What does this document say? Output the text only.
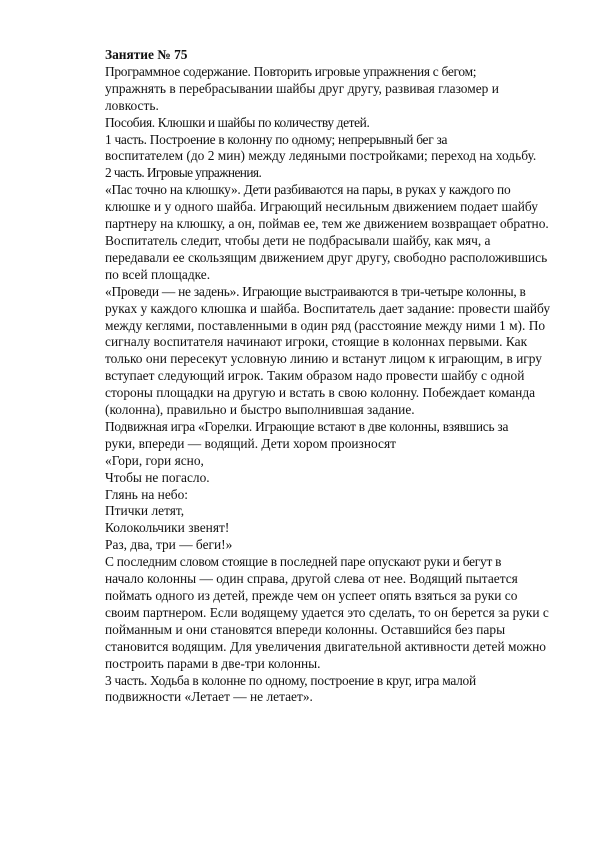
Занятие № 75

Программное содержание. Повторить игровые упражнения с бегом;
упражнять в перебрасывании шайбы друг другу, развивая глазомер и
ловкость.

Пособия. Клюшки и шайбы по количеству детей.

1 часть. Построение в колонну по одному; непрерывный бег за
воспитателем (до 2 мин) между ледяными постройками; переход на ходьбу.

2 часть. Игровые упражнения.

«Пас точно на клюшку». Дети разбиваются на пары, в руках у каждого по
клюшке и у одного шайба. Играющий несильным движением подает шайбу
партнеру на клюшку, а он, поймав ее, тем же движением возвращает обратно.
Воспитатель следит, чтобы дети не подбрасывали шайбу, как мяч, а
передавали ее скользящим движением друг другу, свободно расположившись
по всей площадке.

«Проведи — не задень». Играющие выстраиваются в три-четыре колонны, в
руках у каждого клюшка и шайба. Воспитатель дает задание: провести шайбу
между кеглями, поставленными в один ряд (расстояние между ними 1 м). По
сигналу воспитателя начинают игроки, стоящие в колоннах первыми. Как
только они пересекут условную линию и встанут лицом к играющим, в игру
вступает следующий игрок. Таким образом надо провести шайбу с одной
стороны площадки на другую и встать в свою колонну. Побеждает команда
(колонна), правильно и быстро выполнившая задание.

Подвижная игра «Горелки. Играющие встают в две колонны, взявшись за
руки, впереди — водящий. Дети хором произносят

«Гори, гори ясно,
Чтобы не погасло.
Глянь на небо:
Птички летят,
Колокольчики звенят!
Раз, два, три — беги!»

С последним словом стоящие в последней паре опускают руки и бегут в
начало колонны — один справа, другой слева от нее. Водящий пытается
поймать одного из детей, прежде чем он успеет опять взяться за руки со
своим партнером. Если водящему удается это сделать, то он берется за руки с
пойманным и они становятся впереди колонны. Оставшийся без пары
становится водящим. Для увеличения двигательной активности детей можно
построить парами в две-три колонны.

3 часть. Ходьба в колонне по одному, построение в круг, игра малой
подвижности «Летает — не летает».
